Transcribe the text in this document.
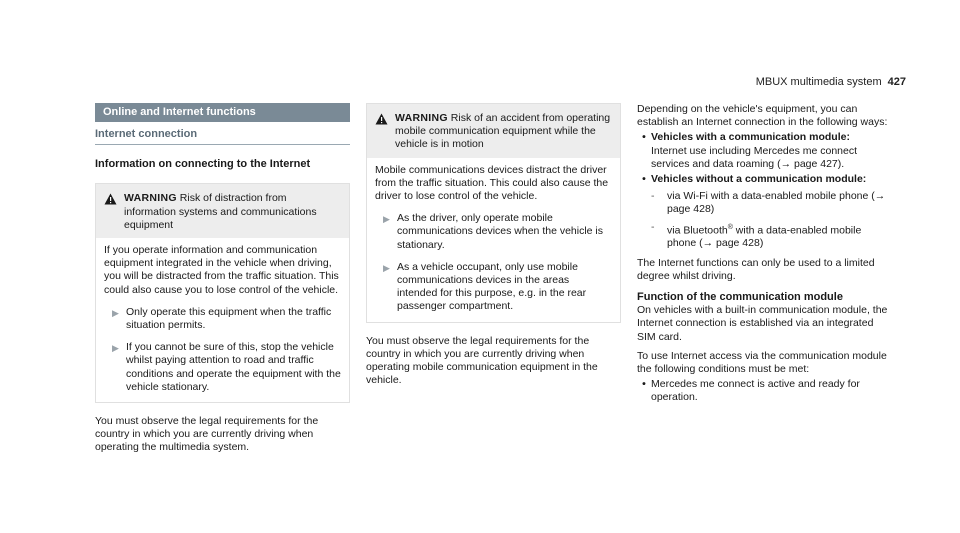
MBUX multimedia system 427
Online and Internet functions
Internet connection
Information on connecting to the Internet
WARNING Risk of distraction from information systems and communications equipment
If you operate information and communication equipment integrated in the vehicle when driving, you will be distracted from the traffic situation. This could also cause you to lose control of the vehicle.
▶ Only operate this equipment when the traffic situation permits.
▶ If you cannot be sure of this, stop the vehicle whilst paying attention to road and traffic conditions and operate the equipment with the vehicle stationary.
You must observe the legal requirements for the country in which you are currently driving when operating the multimedia system.
WARNING Risk of an accident from operating mobile communication equipment while the vehicle is in motion
Mobile communications devices distract the driver from the traffic situation. This could also cause the driver to lose control of the vehicle.
▶ As the driver, only operate mobile communications devices when the vehicle is stationary.
▶ As a vehicle occupant, only use mobile communications devices in the areas intended for this purpose, e.g. in the rear passenger compartment.
You must observe the legal requirements for the country in which you are currently driving when operating mobile communication equipment in the vehicle.
Depending on the vehicle's equipment, you can establish an Internet connection in the following ways:
• Vehicles with a communication module:
Internet use including Mercedes me connect services and data roaming (→ page 427).
• Vehicles without a communication module:
-	via Wi-Fi with a data-enabled mobile phone (→ page 428)
-	via Bluetooth® with a data-enabled mobile phone (→ page 428)
The Internet functions can only be used to a limited degree whilst driving.
Function of the communication module
On vehicles with a built-in communication module, the Internet connection is established via an integrated SIM card.
To use Internet access via the communication module the following conditions must be met:
• Mercedes me connect is active and ready for operation.
